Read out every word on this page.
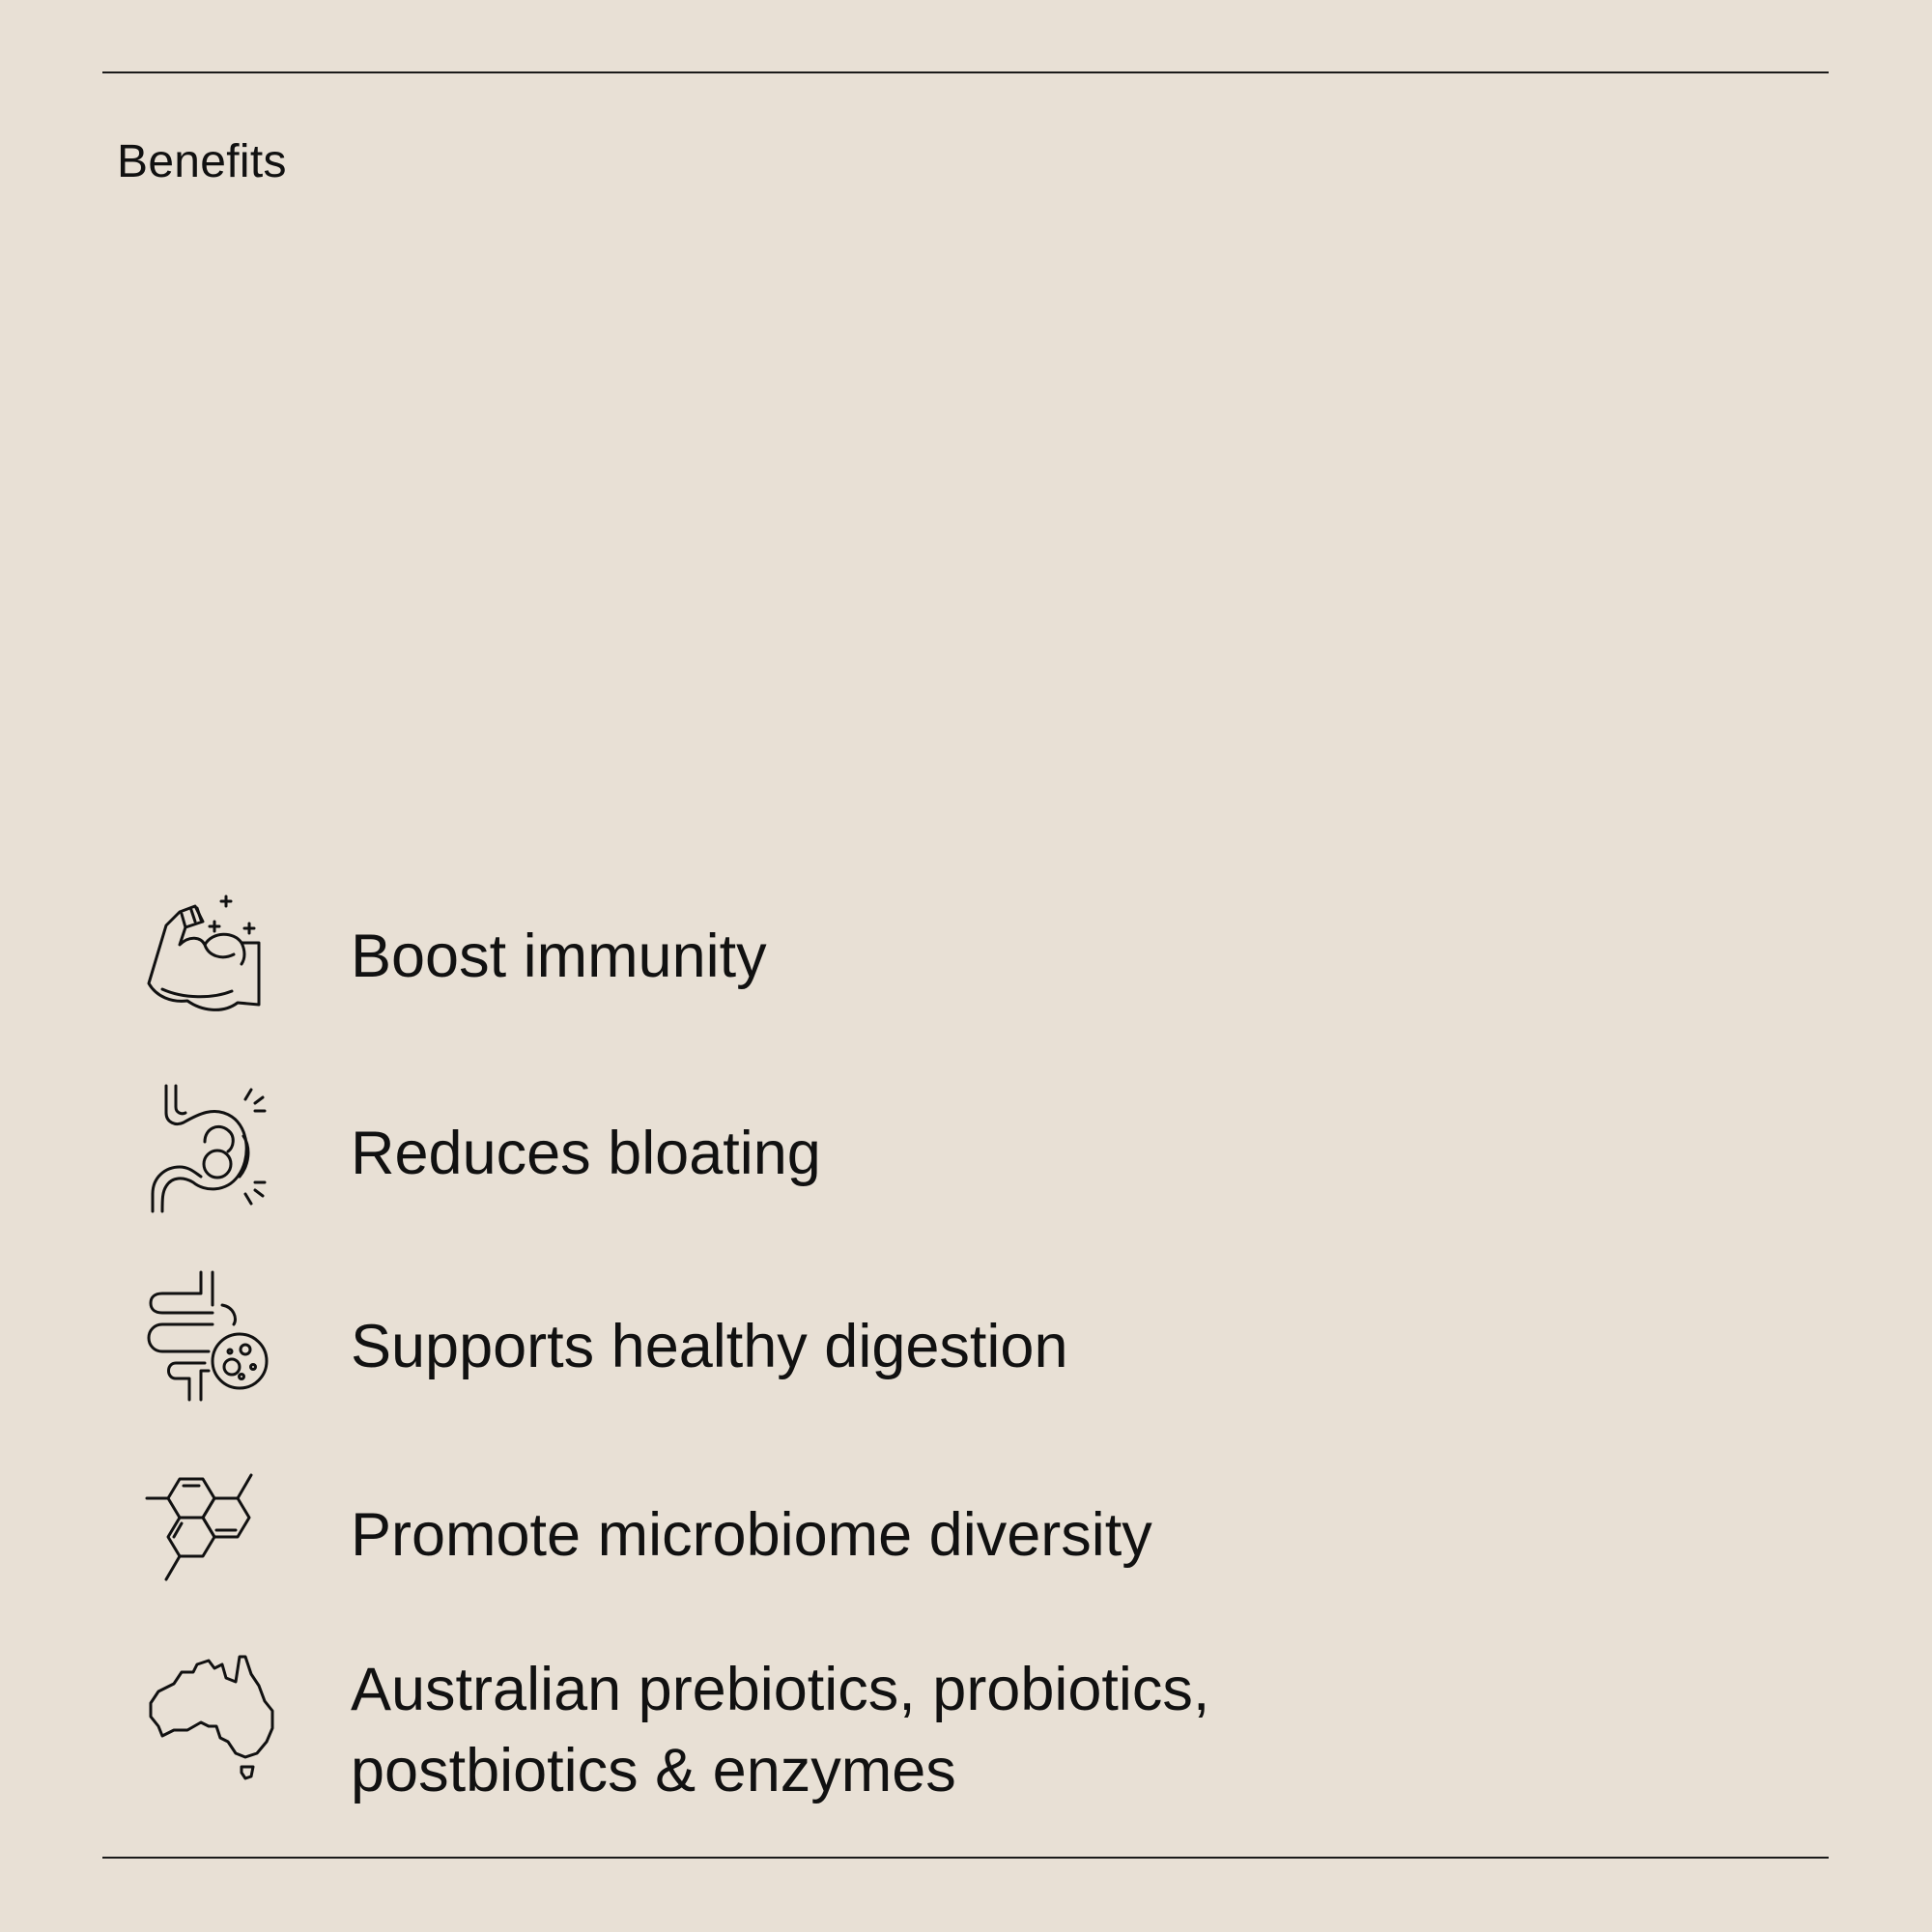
Benefits
Boost immunity
Reduces bloating
Supports healthy digestion
Promote microbiome diversity
Australian prebiotics, probiotics,
postbiotics & enzymes
